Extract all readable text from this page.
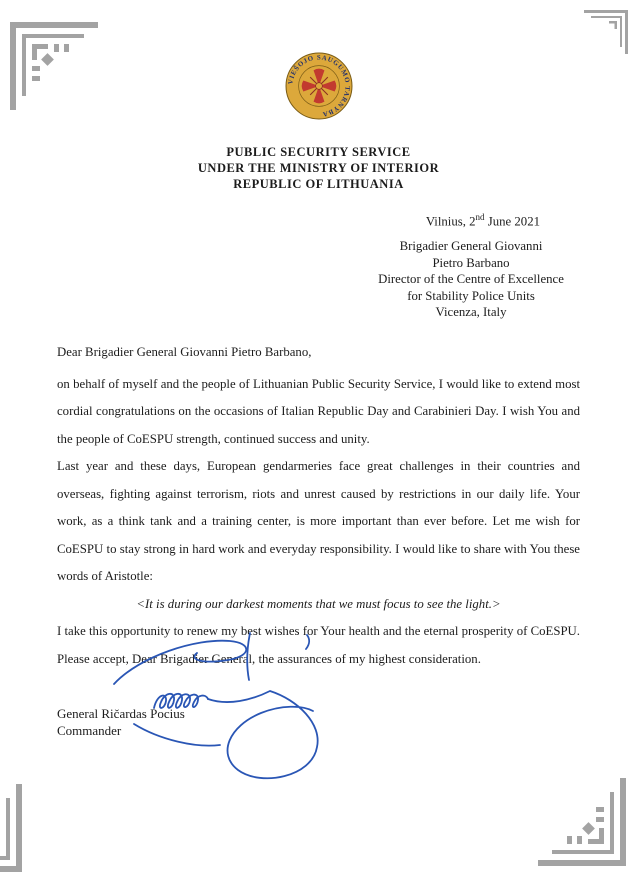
VIEŠOJO SAUGUMO TARNYBA
PUBLIC SECURITY SERVICE
UNDER THE MINISTRY OF INTERIOR
REPUBLIC OF LITHUANIA
Vilnius, 2nd June 2021
Brigadier General Giovanni
Pietro Barbano
Director of the Centre of Excellence
for Stability Police Units
Vicenza, Italy
Dear Brigadier General Giovanni Pietro Barbano,

on behalf of myself and the people of Lithuanian Public Security Service, I would like to extend most cordial congratulations on the occasions of Italian Republic Day and Carabinieri Day. I wish You and the people of CoESPU strength, continued success and unity.

Last year and these days, European gendarmeries face great challenges in their countries and overseas, fighting against terrorism, riots and unrest caused by restrictions in our daily life. Your work, as a think tank and a training center, is more important than ever before. Let me wish for CoESPU to stay strong in hard work and everyday responsibility. I would like to share with You these words of Aristotle:

<It is during our darkest moments that we must focus to see the light.>

I take this opportunity to renew my best wishes for Your health and the eternal prosperity of CoESPU. Please accept, Dear Brigadier General, the assurances of my highest consideration.

General Ričardas Pocius
Commander
